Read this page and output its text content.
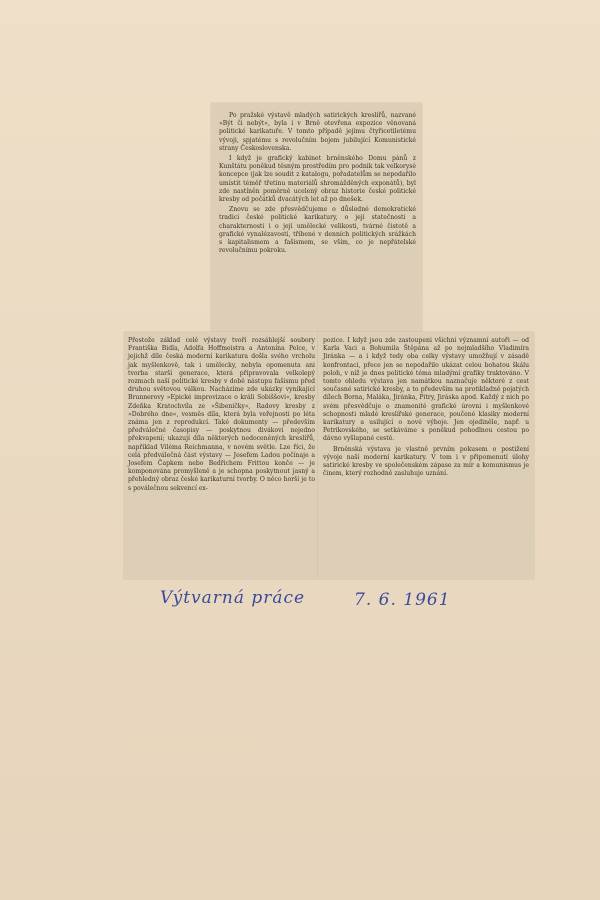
Po pražské výstavě mladých satirických kreslířů, nazvané »Být či nebýt«, byla i v Brně otevřena expozice věnovaná politické karikatuře. V tomto případě jejímu čtyřicetiletému vývoji, spjatému s revolučním bojem jubilující Komunistické strany Československa.

I když je grafický kabinet brněnského Domu pánů z Kunštátu poněkud těsným prostředím pro podnik tak velkorysé koncepce (jak lze soudit z katalogu, pořadatelům se nepodařilo umístit téměř třetinu materiálů shromážděných exponátů), byl zde nastíněn poměrně ucelený obraz historie české politické kresby od počátků dvacátých let až po dnešek.

Znovu se zde přesvědčujeme o důsledné demokratické tradici české politické karikatury, o její statečnosti a charakternosti i o její umělecké velikosti, tvárné čistotě a grafické vynalézavosti, tříbené v denních politických srážkách s kapitalismem a fašismem, se vším, co je nepřátelské revolučnímu pokroku.

Přestože základ celé výstavy tvoří rozsáhlejší soubory Františka Bidla, Adolfa Hoffmeistra a Antonína Pelce, v jejichž díle česká moderní karikatura došla svého vrcholu jak myšlenkově, tak i umělecky, nebyla opomenuta ani tvorba starší generace, která připravovala velkolepý rozmach naší politické kresby v době nástupu fašismu před druhou světovou válkou. Nacházíme zde ukázky vynikající Brunnerovy »Epické improvizace o králi Sobiššovi«, kresby Zdeňka Kratochvíla ze »Šibeničky«, Radovy kresby z »Dobrého dne«, vesměs díla, která byla veřejnosti po léta známa jen z reprodukcí. Také dokumenty — především předválečné časopisy — poskytnou divákovi nejedno překvapení; ukazují díla některých nedoceněných kreslířů, například Viléma Reichmanna, v novém světle. Lze říci, že celá předválečná část výstavy — Josefem Ladou počínaje a Josefem Čapkem nebo Bedřichem Frittou konče — je komponována promyšleně a je schopna poskytnout jasný a přehledný obraz české karikaturní tvorby. O něco horší je to s poválečnou sekvencí ex-

pozice. I když jsou zde zastoupeni všichni významní autoři — od Karla Vaci a Bohumila Štěpána až po nejmladšího Vladimíra Jiránka — a i když tedy oba celky výstavy umožňují v zásadě konfrontaci, přece jen se nepodařilo ukázat celou bohatou škálu poloh, v níž je dnes politické téma mladými grafiky traktováno. V tomto ohledu výstava jen namátkou naznačuje některé z cest současné satirické kresby, a to především na protikladně pojatých dílech Borna, Maláka, Jiránka, Pitry, Jiráska apod. Každý z nich po svém přesvědčuje o znamenité grafické úrovni i myšlenkové schopnosti mladé kreslířské generace, poučené klasiky moderní karikatury a usilující o nové výboje. Jen ojediněle, např. u Petrikovského, se setkáváme s poněkud pohodlnou cestou po dávno vyšlapané cestě.

Brněnská výstava je vlastně prvním pokusem o postižení vývoje naší moderní karikatury. V tom i v připomenutí úlohy satirické kresby ve společenském zápase za mír a komunismus je činem, který rozhodně zasluhuje uznání.

Výtvarná práce	7. 6. 1961
